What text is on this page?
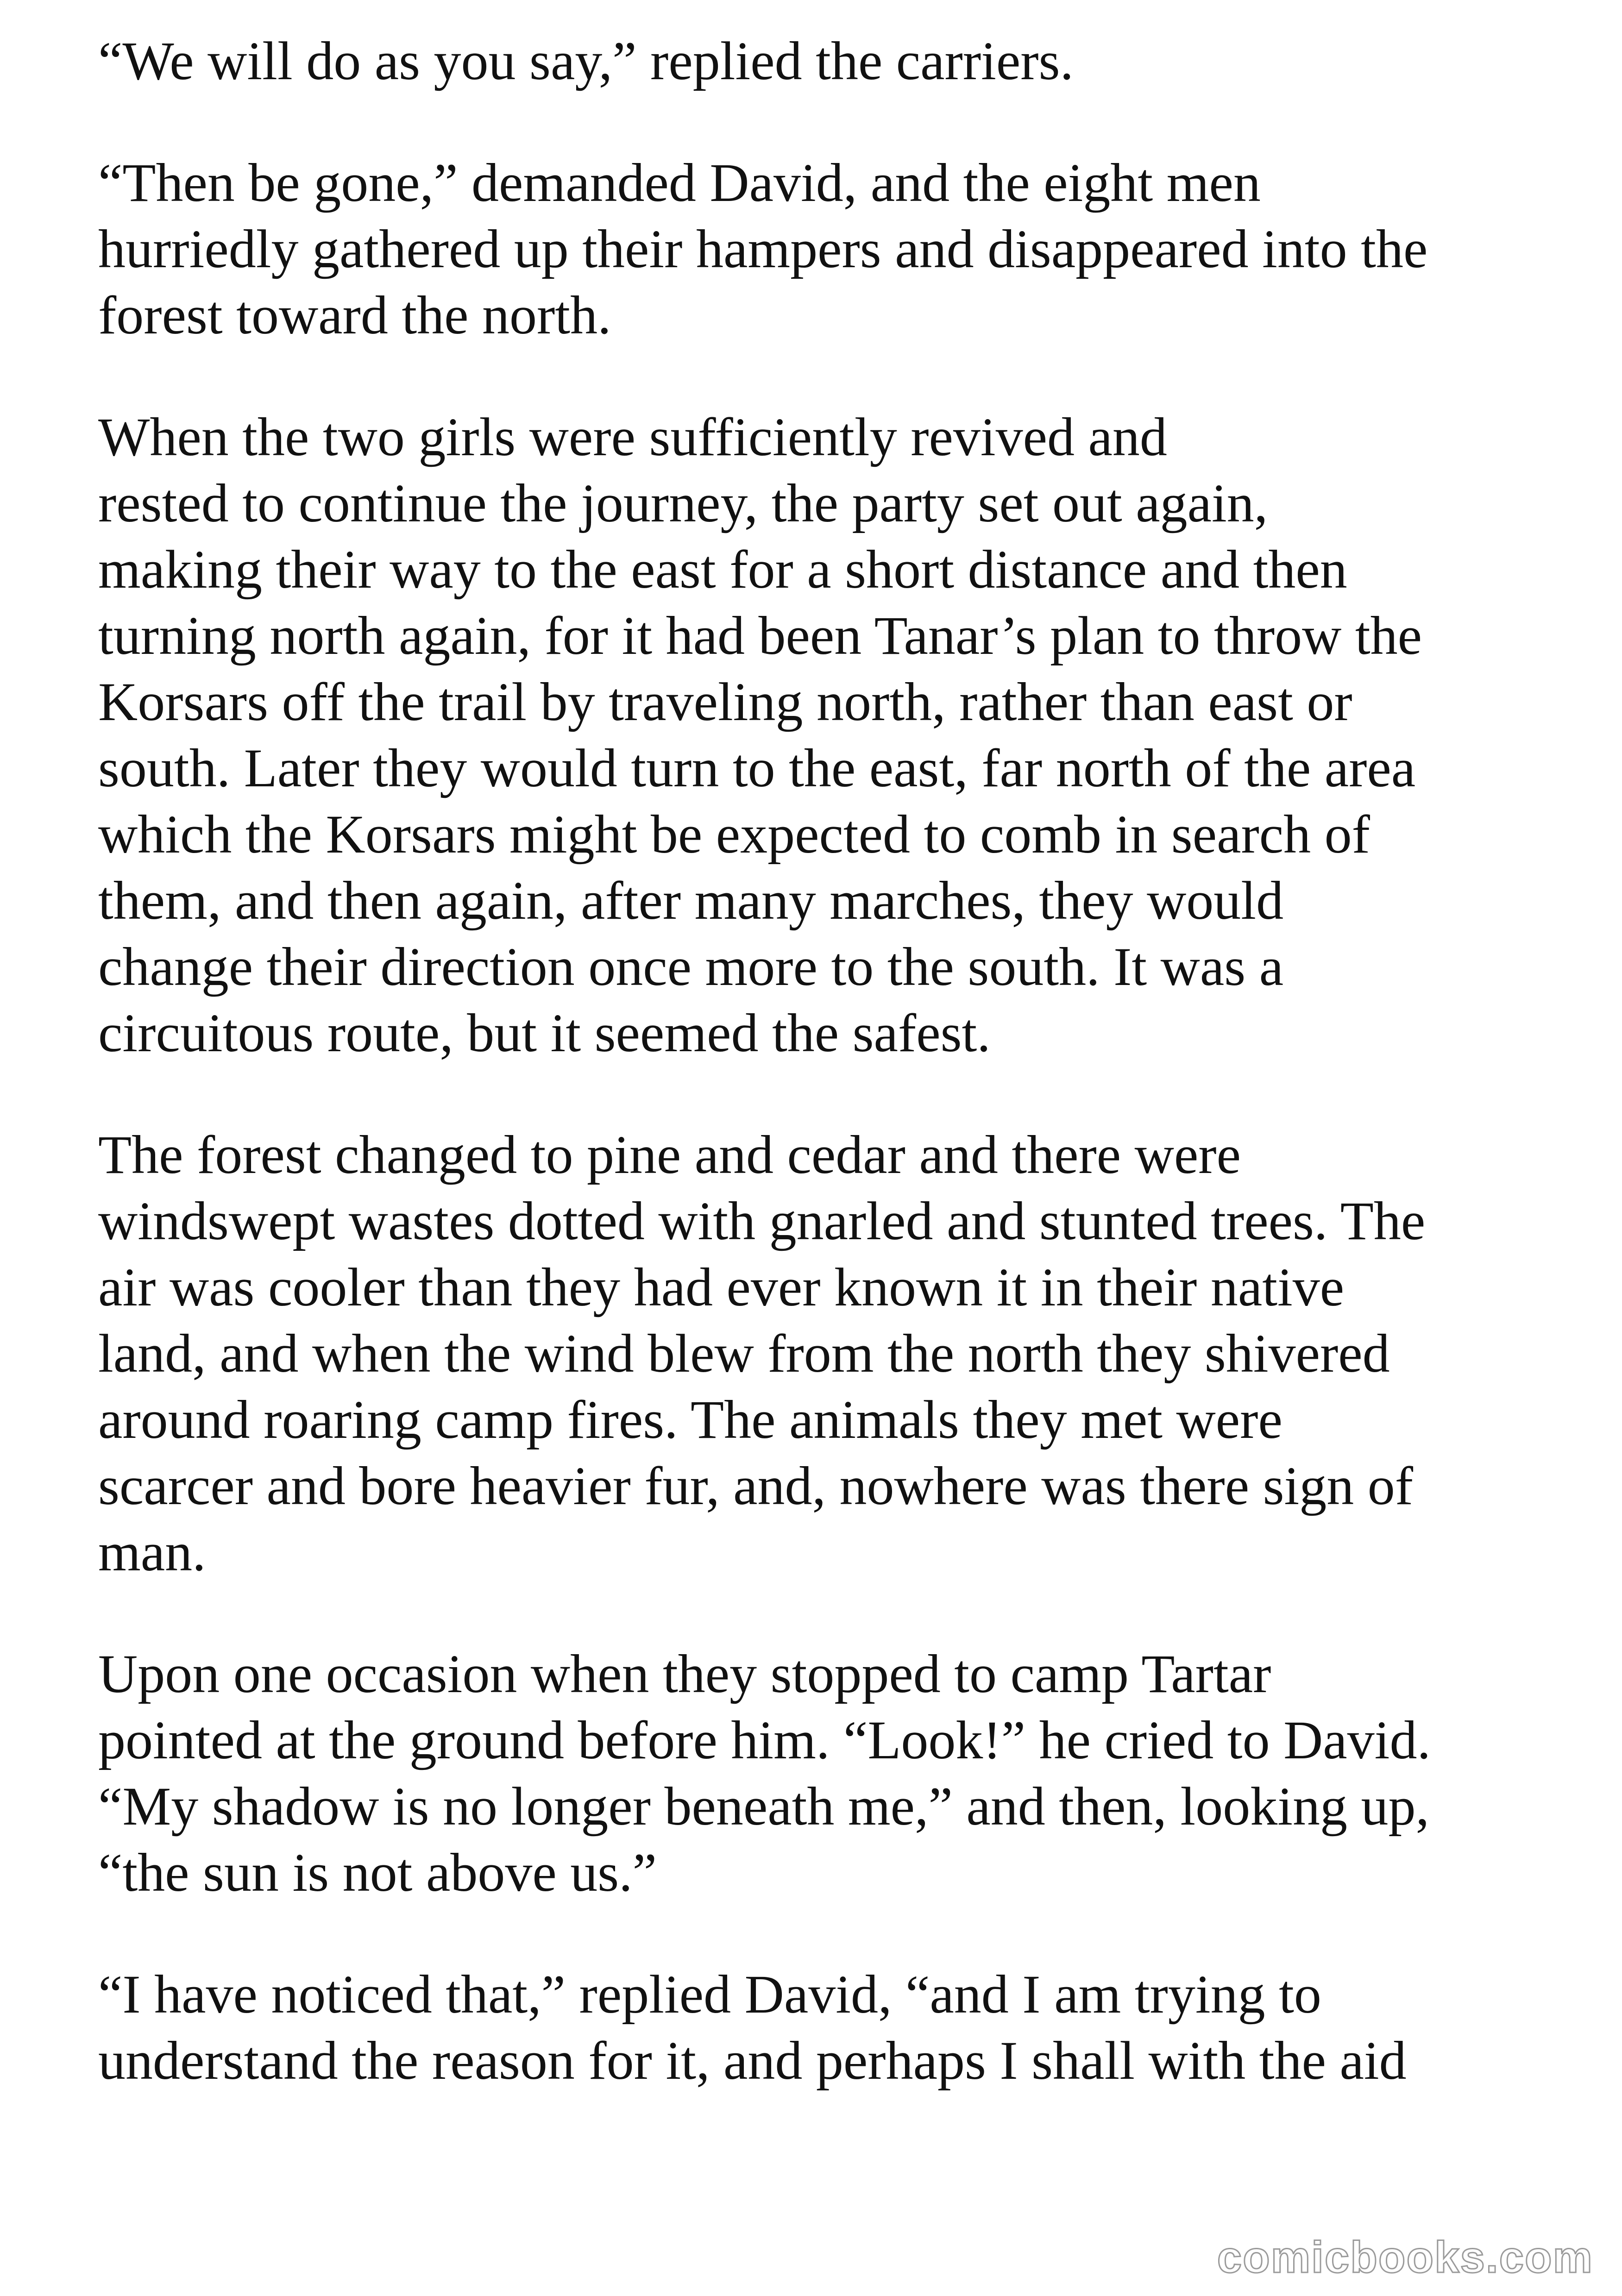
“We will do as you say,” replied the carriers.

“Then be gone,” demanded David, and the eight men
hurriedly gathered up their hampers and disappeared into the
forest toward the north.

When the two girls were sufficiently revived and
rested to continue the journey, the party set out again,
making their way to the east for a short distance and then
turning north again, for it had been Tanar’s plan to throw the
Korsars off the trail by traveling north, rather than east or
south. Later they would turn to the east, far north of the area
which the Korsars might be expected to comb in search of
them, and then again, after many marches, they would
change their direction once more to the south. It was a
circuitous route, but it seemed the safest.

The forest changed to pine and cedar and there were
windswept wastes dotted with gnarled and stunted trees. The
air was cooler than they had ever known it in their native
land, and when the wind blew from the north they shivered
around roaring camp fires. The animals they met were
scarcer and bore heavier fur, and, nowhere was there sign of
man.

Upon one occasion when they stopped to camp Tartar
pointed at the ground before him. “Look!” he cried to David.
“My shadow is no longer beneath me,” and then, looking up,
“the sun is not above us.”

“I have noticed that,” replied David, “and I am trying to
understand the reason for it, and perhaps I shall with the aid

comicbooks.com
